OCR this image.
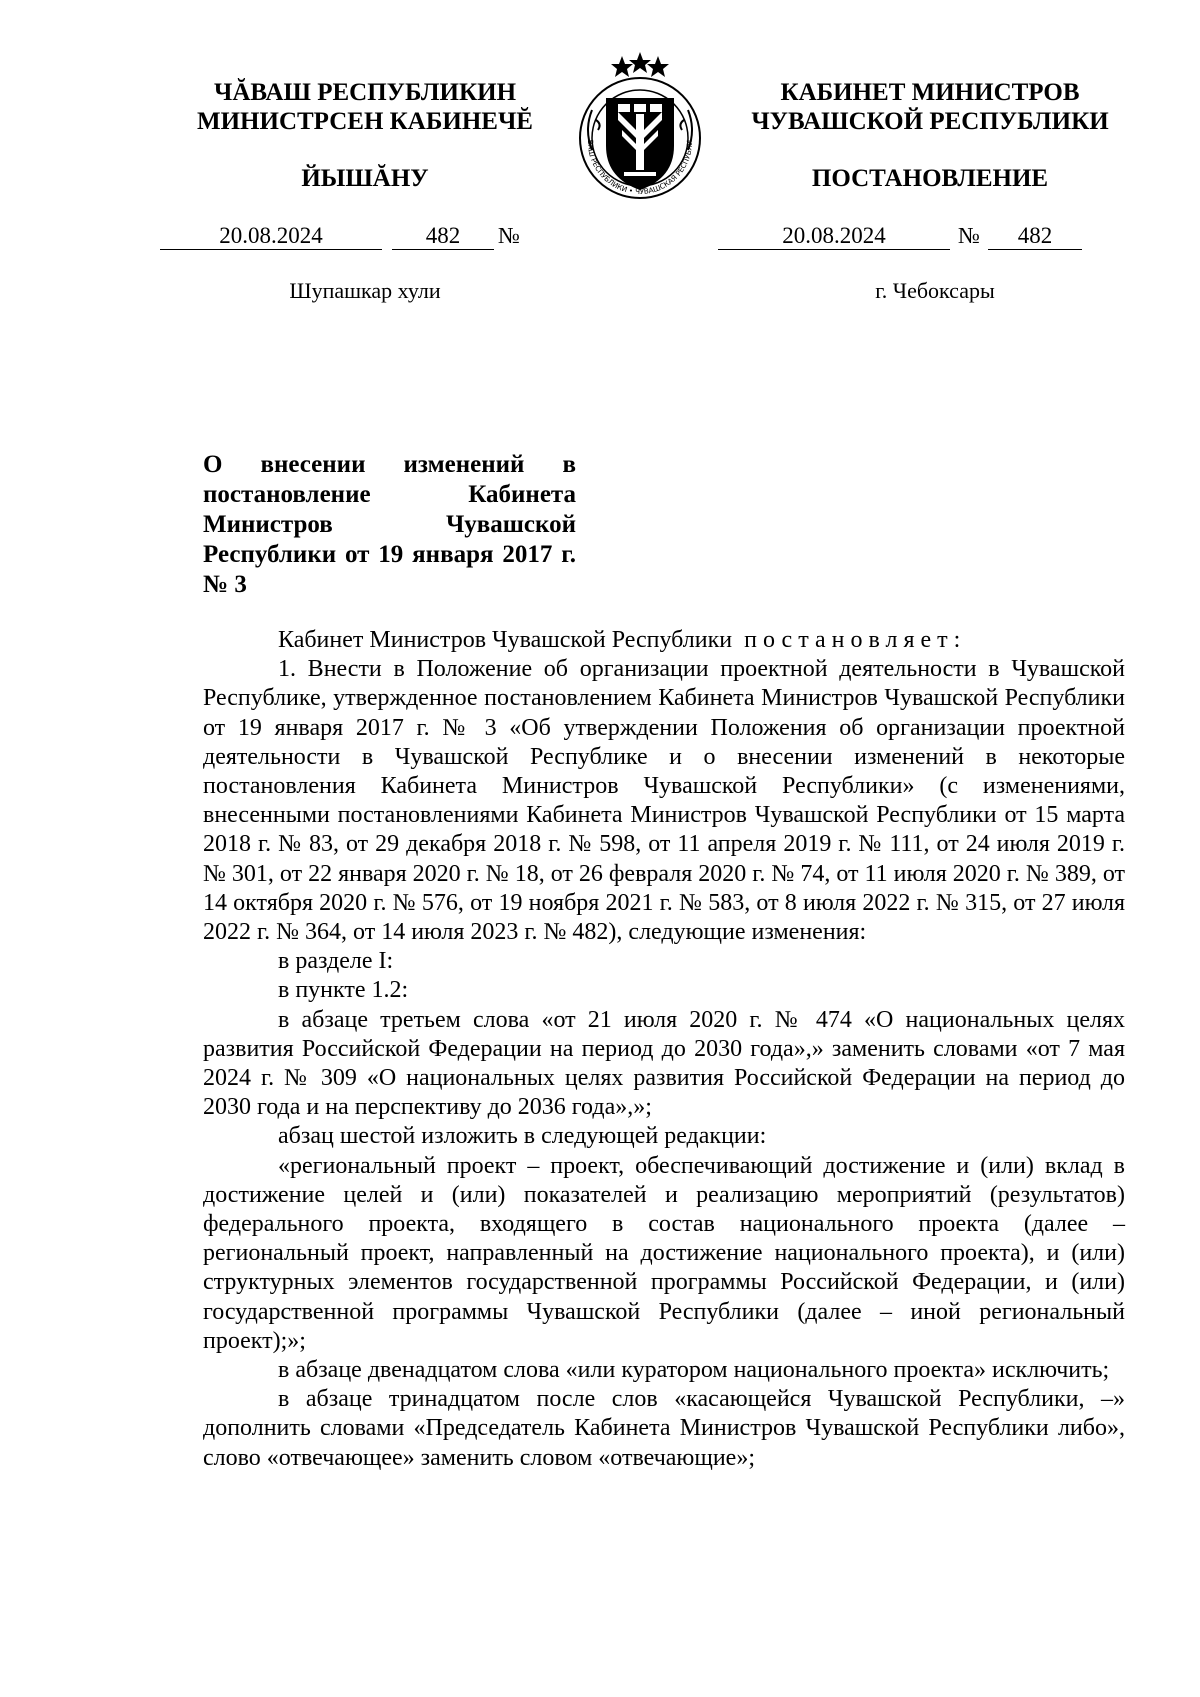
ЧĂВАШ РЕСПУБЛИКИН
МИНИСТРСЕН КАБИНЕЧĔ
ЙЫШĂНУ
ВАШ РЕСПУБЛИКИ • ЧУВАШСКАЯ РЕСПУБЛИ
КАБИНЕТ МИНИСТРОВ
ЧУВАШСКОЙ РЕСПУБЛИКИ
ПОСТАНОВЛЕНИЕ
20.08.2024	482	№	20.08.2024	№	482
Шупашкар хули	г. Чебоксары
О внесении изменений в постановление Кабинета Министров Чувашской Республики от 19 января 2017 г. № 3

Кабинет Министров Чувашской Республики постановляет:

1. Внести в Положение об организации проектной деятельности в Чувашской Республике, утвержденное постановлением Кабинета Министров Чувашской Республики от 19 января 2017 г. № 3 «Об утверждении Положения об организации проектной деятельности в Чувашской Республике и о внесении изменений в некоторые постановления Кабинета Министров Чувашской Республики» (с изменениями, внесенными постановлениями Кабинета Министров Чувашской Республики от 15 марта 2018 г. № 83, от 29 декабря 2018 г. № 598, от 11 апреля 2019 г. № 111, от 24 июля 2019 г. № 301, от 22 января 2020 г. № 18, от 26 февраля 2020 г. № 74, от 11 июля 2020 г. № 389, от 14 октября 2020 г. № 576, от 19 ноября 2021 г. № 583, от 8 июля 2022 г. № 315, от 27 июля 2022 г. № 364, от 14 июля 2023 г. № 482), следующие изменения:

в разделе I:

в пункте 1.2:

в абзаце третьем слова «от 21 июля 2020 г. № 474 «О национальных целях развития Российской Федерации на период до 2030 года»,» заменить словами «от 7 мая 2024 г. № 309 «О национальных целях развития Российской Федерации на период до 2030 года и на перспективу до 2036 года»,»;

абзац шестой изложить в следующей редакции:

«региональный проект – проект, обеспечивающий достижение и (или) вклад в достижение целей и (или) показателей и реализацию мероприятий (результатов) федерального проекта, входящего в состав национального проекта (далее – региональный проект, направленный на достижение национального проекта), и (или) структурных элементов государственной программы Российской Федерации, и (или) государственной программы Чувашской Республики (далее – иной региональный проект);»;

в абзаце двенадцатом слова «или куратором национального проекта» исключить;

в абзаце тринадцатом после слов «касающейся Чувашской Республики, –» дополнить словами «Председатель Кабинета Министров Чувашской Республики либо», слово «отвечающее» заменить словом «отвечающие»;
